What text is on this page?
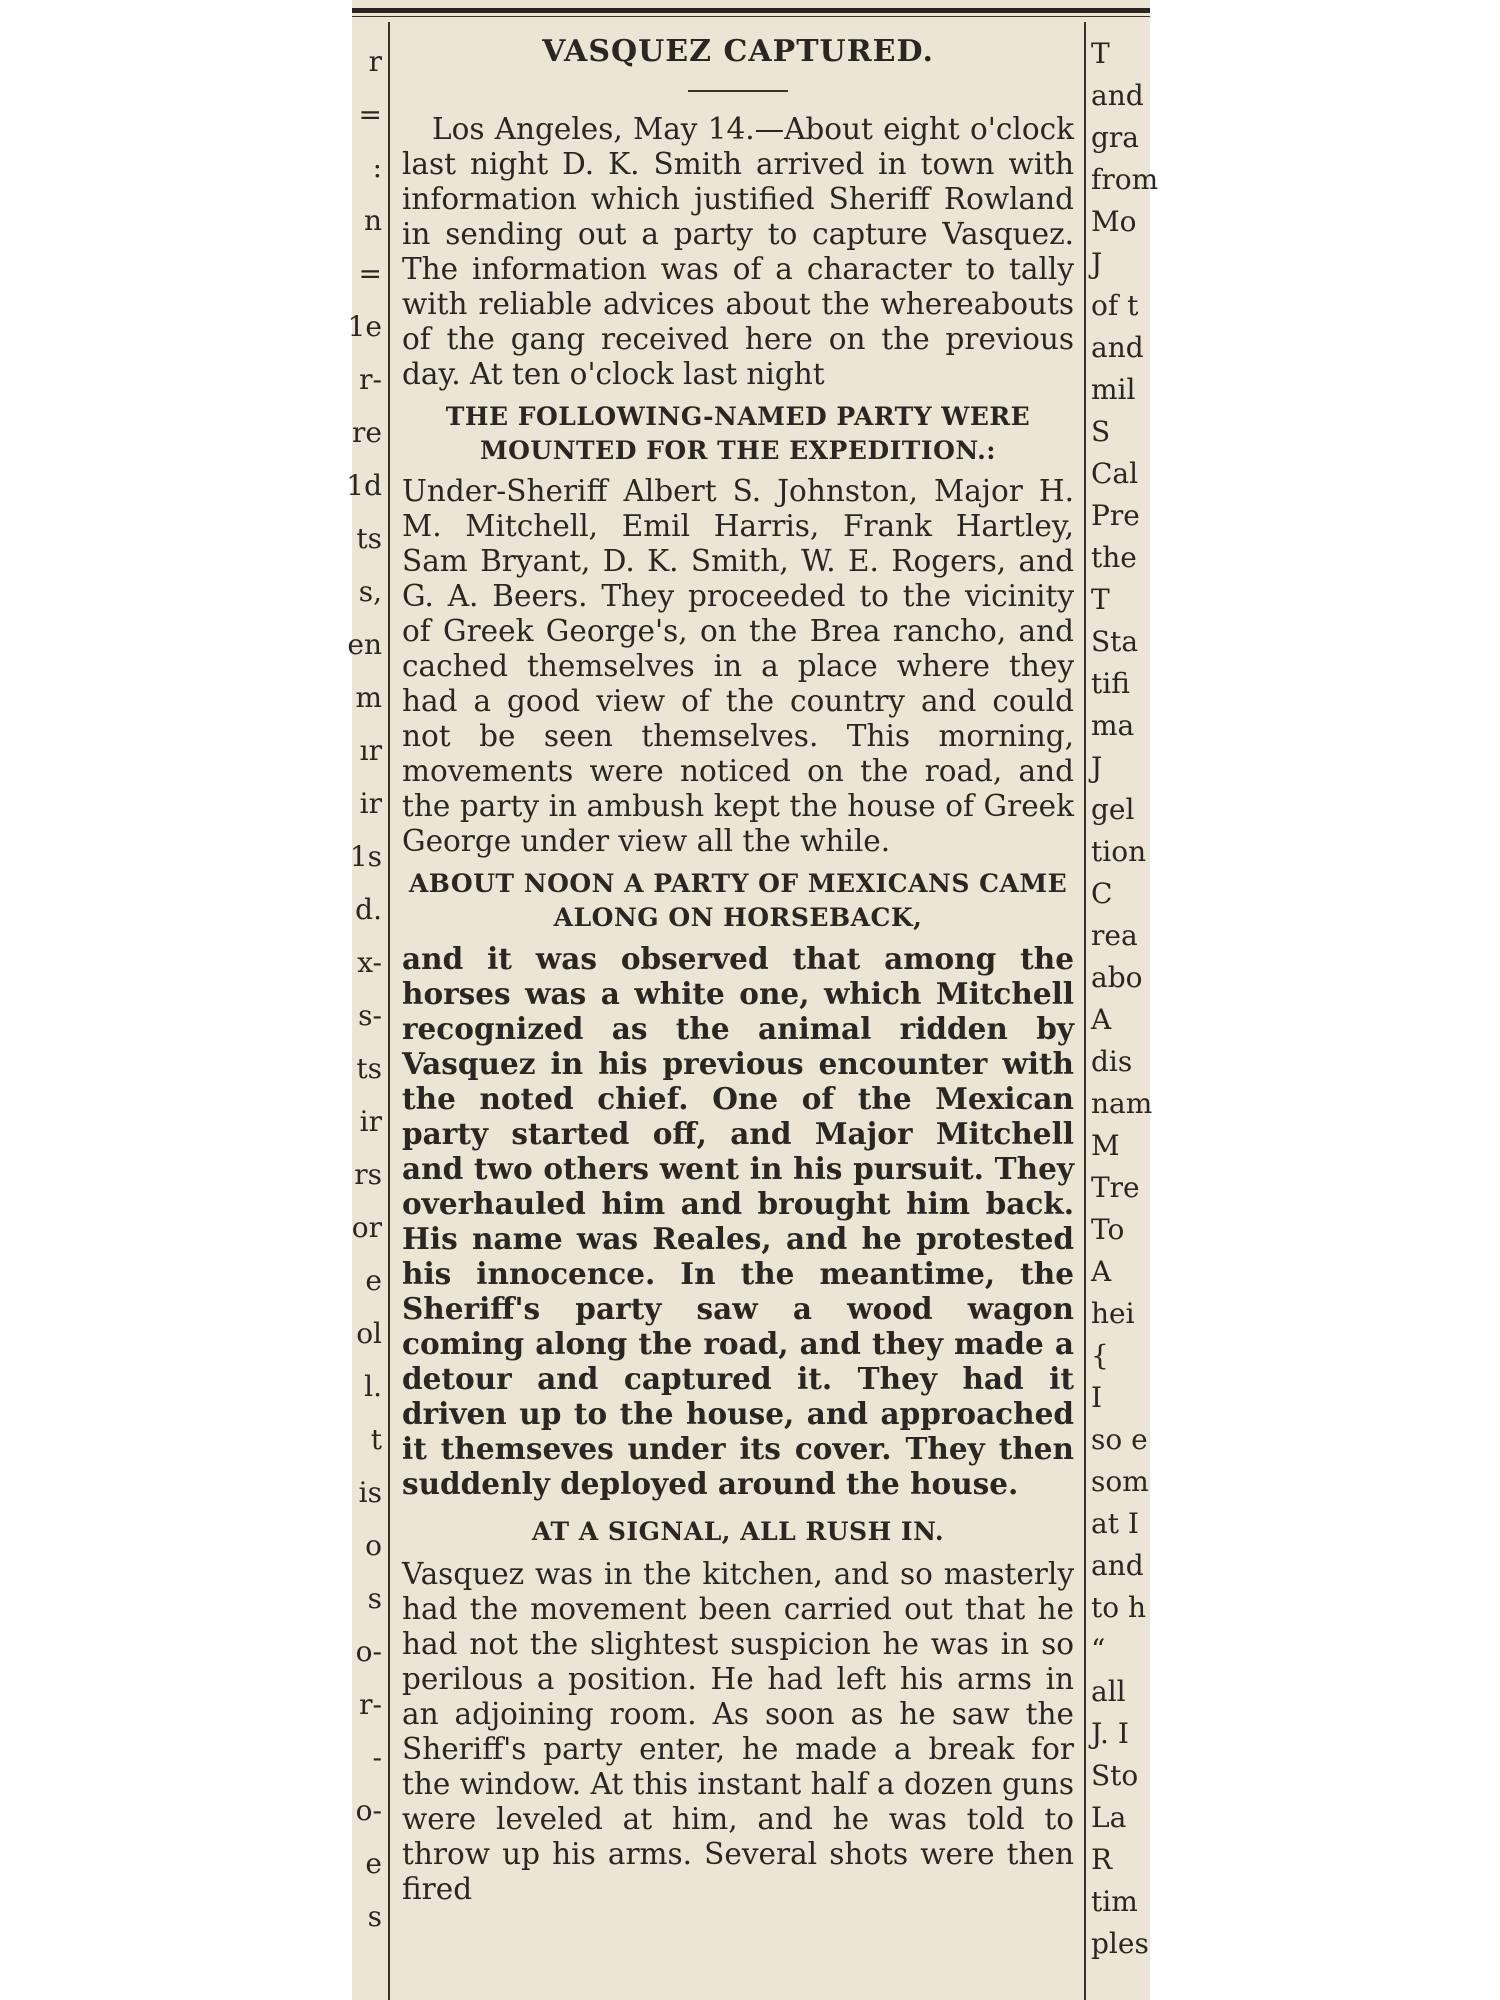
r
=
:
n
=
1e
r-
re
1d
ts
s,
en
m
ır
ir
1s
d.
x-
s-
ts
ir
rs
or
e
ol
l.
t
is
o
s
o-
r-
-
o-
e
s
T
and
gra
from
Mo
J
of t
and
mil
S
Cal
Pre
the
T
Sta
tifi
ma
J
gel
tion
C
rea
abo
A
dis
nam
M
Tre
To
A
hei
{
I
so e
som
at I
and
to h
“
all
J. I
Sto
La
R
tim
ples
VASQUEZ CAPTURED.

Los Angeles, May 14.—About eight o'clock last night D. K. Smith arrived in town with information which justified Sheriff Rowland in sending out a party to capture Vasquez. The information was of a character to tally with reliable advices about the whereabouts of the gang received here on the previous day. At ten o'clock last night

THE FOLLOWING-NAMED PARTY WERE MOUNTED FOR THE EXPEDITION.:

Under-Sheriff Albert S. Johnston, Major H. M. Mitchell, Emil Harris, Frank Hartley, Sam Bryant, D. K. Smith, W. E. Rogers, and G. A. Beers. They proceeded to the vicinity of Greek George's, on the Brea rancho, and cached themselves in a place where they had a good view of the country and could not be seen themselves. This morning, movements were noticed on the road, and the party in ambush kept the house of Greek George under view all the while.

ABOUT NOON A PARTY OF MEXICANS CAME ALONG ON HORSEBACK,

and it was observed that among the horses was a white one, which Mitchell recognized as the animal ridden by Vasquez in his previous encounter with the noted chief. One of the Mexican party started off, and Major Mitchell and two others went in his pursuit. They overhauled him and brought him back. His name was Reales, and he protested his innocence. In the meantime, the Sheriff's party saw a wood wagon coming along the road, and they made a detour and captured it. They had it driven up to the house, and approached it themseves under its cover. They then suddenly deployed around the house.

AT A SIGNAL, ALL RUSH IN.

Vasquez was in the kitchen, and so masterly had the movement been carried out that he had not the slightest suspicion he was in so perilous a position. He had left his arms in an adjoining room. As soon as he saw the Sheriff's party enter, he made a break for the window. At this instant half a dozen guns were leveled at him, and he was told to throw up his arms. Several shots were then fired
